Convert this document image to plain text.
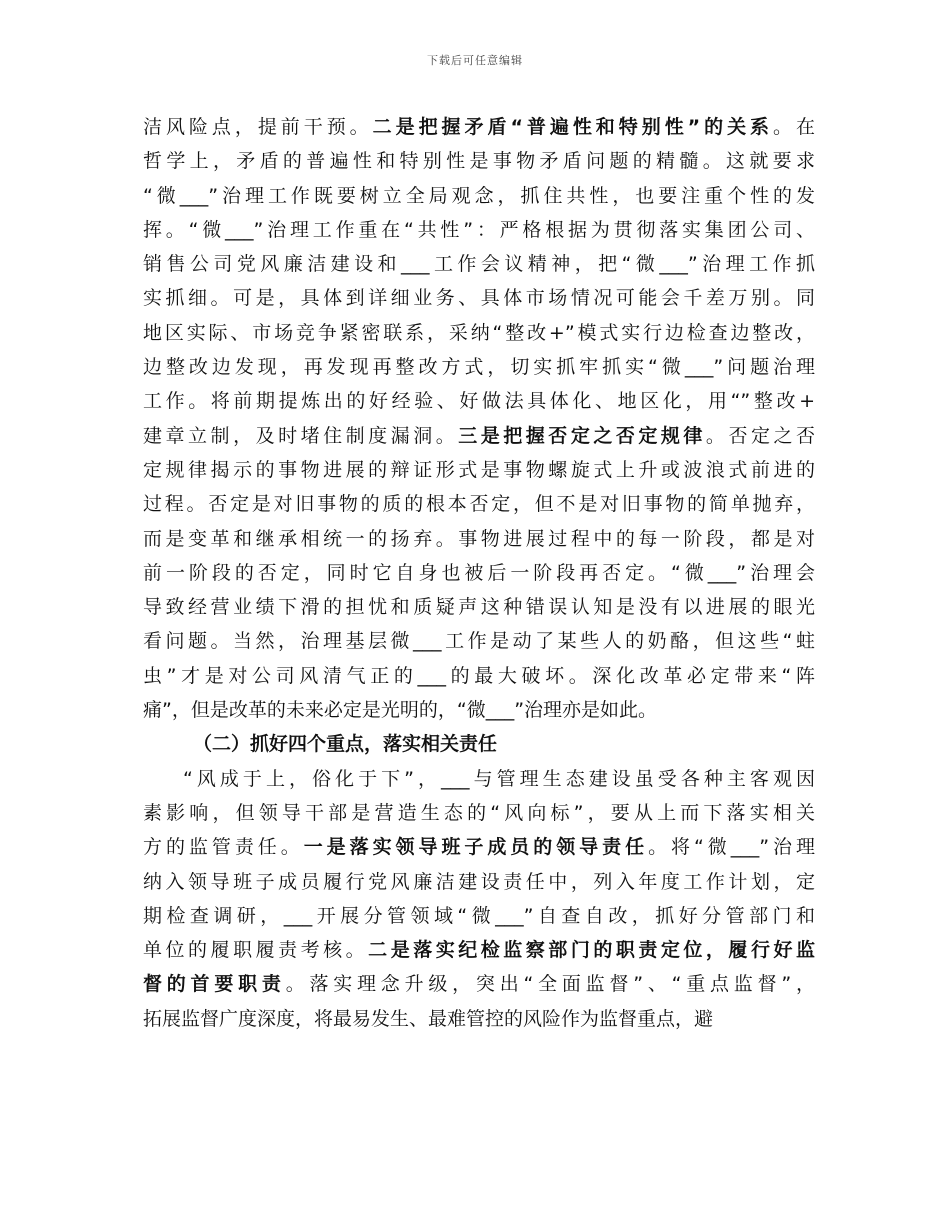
下载后可任意编辑
洁风险点，提前干预。二是把握矛盾“普遍性和特别性”的关系。在
哲学上，矛盾的普遍性和特别性是事物矛盾问题的精髓。这就要求
“微___”治理工作既要树立全局观念，抓住共性，也要注重个性的发
挥。“微___”治理工作重在“共性”：严格根据为贯彻落实集团公司、
销售公司党风廉洁建设和___工作会议精神，把“微___”治理工作抓
实抓细。可是，具体到详细业务、具体市场情况可能会千差万别。同
地区实际、市场竞争紧密联系，采纳“整改+”模式实行边检查边整改，
边整改边发现，再发现再整改方式，切实抓牢抓实“微___”问题治理
工作。将前期提炼出的好经验、好做法具体化、地区化，用“”整改+
建章立制，及时堵住制度漏洞。三是把握否定之否定规律。否定之否
定规律揭示的事物进展的辩证形式是事物螺旋式上升或波浪式前进的
过程。否定是对旧事物的质的根本否定，但不是对旧事物的简单抛弃，
而是变革和继承相统一的扬弃。事物进展过程中的每一阶段，都是对
前一阶段的否定，同时它自身也被后一阶段再否定。“微___”治理会
导致经营业绩下滑的担忧和质疑声这种错误认知是没有以进展的眼光
看问题。当然，治理基层微___工作是动了某些人的奶酪，但这些“蛀
虫”才是对公司风清气正的___的最大破坏。深化改革必定带来“阵
痛”，但是改革的未来必定是光明的，“微___”治理亦是如此。
（二）抓好四个重点，落实相关责任
“风成于上，俗化于下”，___与管理生态建设虽受各种主客观因
素影响，但领导干部是营造生态的“风向标”，要从上而下落实相关
方的监管责任。一是落实领导班子成员的领导责任。将“微___”治理
纳入领导班子成员履行党风廉洁建设责任中，列入年度工作计划，定
期检查调研，___开展分管领域“微___”自查自改，抓好分管部门和
单位的履职履责考核。二是落实纪检监察部门的职责定位，履行好监
督的首要职责。落实理念升级，突出“全面监督”、“重点监督”，
拓展监督广度深度，将最易发生、最难管控的风险作为监督重点，避
